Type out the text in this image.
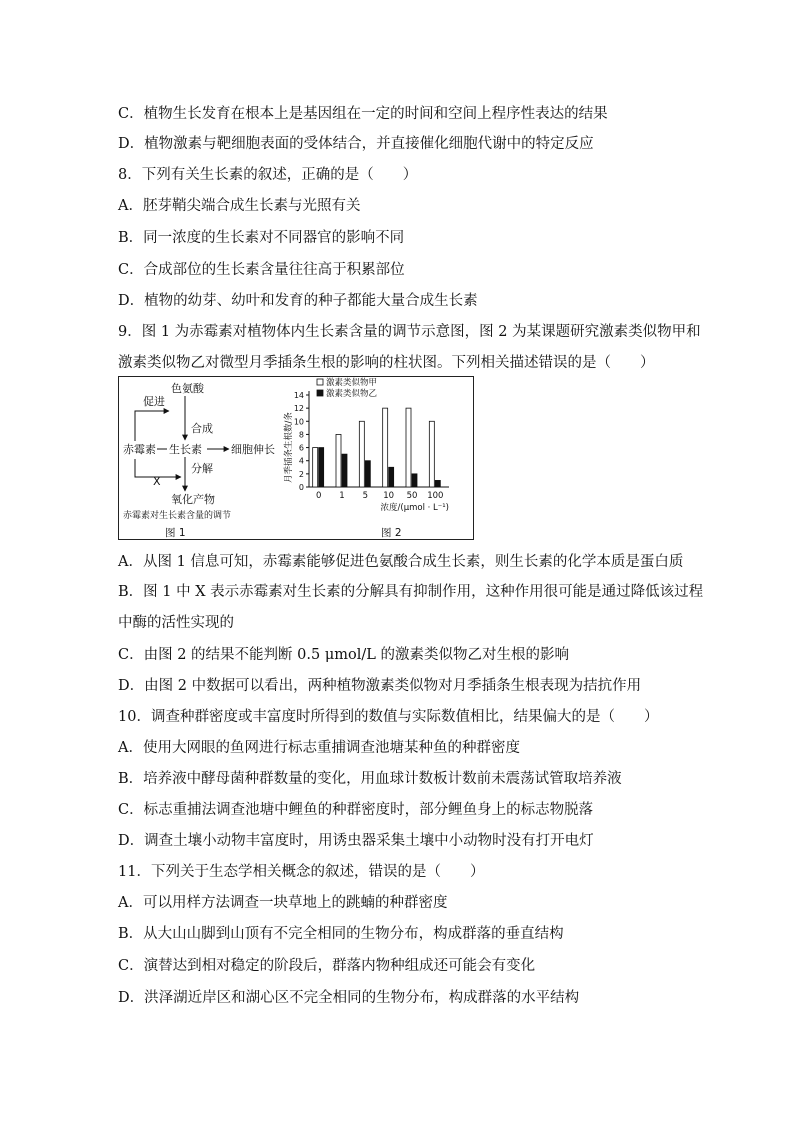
C．植物生长发育在根本上是基因组在一定的时间和空间上程序性表达的结果
D．植物激素与靶细胞表面的受体结合，并直接催化细胞代谢中的特定反应
8．下列有关生长素的叙述，正确的是（　　）
A．胚芽鞘尖端合成生长素与光照有关
B．同一浓度的生长素对不同器官的影响不同
C．合成部位的生长素含量往往高于积累部位
D．植物的幼芽、幼叶和发育的种子都能大量合成生长素
9．图 1 为赤霉素对植物体内生长素含量的调节示意图，图 2 为某课题研究激素类似物甲和
激素类似物乙对微型月季插条生根的影响的柱状图。下列相关描述错误的是（　　）
促进
色氨酸
合成
赤霉素 生长素	细胞伸长
分解
X
氧化产物
赤霉素对生长素含量的调节
图 1
0
2
4
6
8
10
12
14
月季插条生根数/条
0 1 5 10 50 100
浓度/(μmol · L⁻¹)
激素类似物甲
激素类似物乙
图 2
A．从图 1 信息可知，赤霉素能够促进色氨酸合成生长素，则生长素的化学本质是蛋白质
B．图 1 中 X 表示赤霉素对生长素的分解具有抑制作用，这种作用很可能是通过降低该过程
中酶的活性实现的
C．由图 2 的结果不能判断 0.5 μmol/L 的激素类似物乙对生根的影响
D．由图 2 中数据可以看出，两种植物激素类似物对月季插条生根表现为拮抗作用
10．调查种群密度或丰富度时所得到的数值与实际数值相比，结果偏大的是（　　）
A．使用大网眼的鱼网进行标志重捕调查池塘某种鱼的种群密度
B．培养液中酵母菌种群数量的变化，用血球计数板计数前未震荡试管取培养液
C．标志重捕法调查池塘中鲤鱼的种群密度时，部分鲤鱼身上的标志物脱落
D．调查土壤小动物丰富度时，用诱虫器采集土壤中小动物时没有打开电灯
11．下列关于生态学相关概念的叙述，错误的是（　　）
A．可以用样方法调查一块草地上的跳蝻的种群密度
B．从大山山脚到山顶有不完全相同的生物分布，构成群落的垂直结构
C．演替达到相对稳定的阶段后，群落内物种组成还可能会有变化
D．洪泽湖近岸区和湖心区不完全相同的生物分布，构成群落的水平结构
